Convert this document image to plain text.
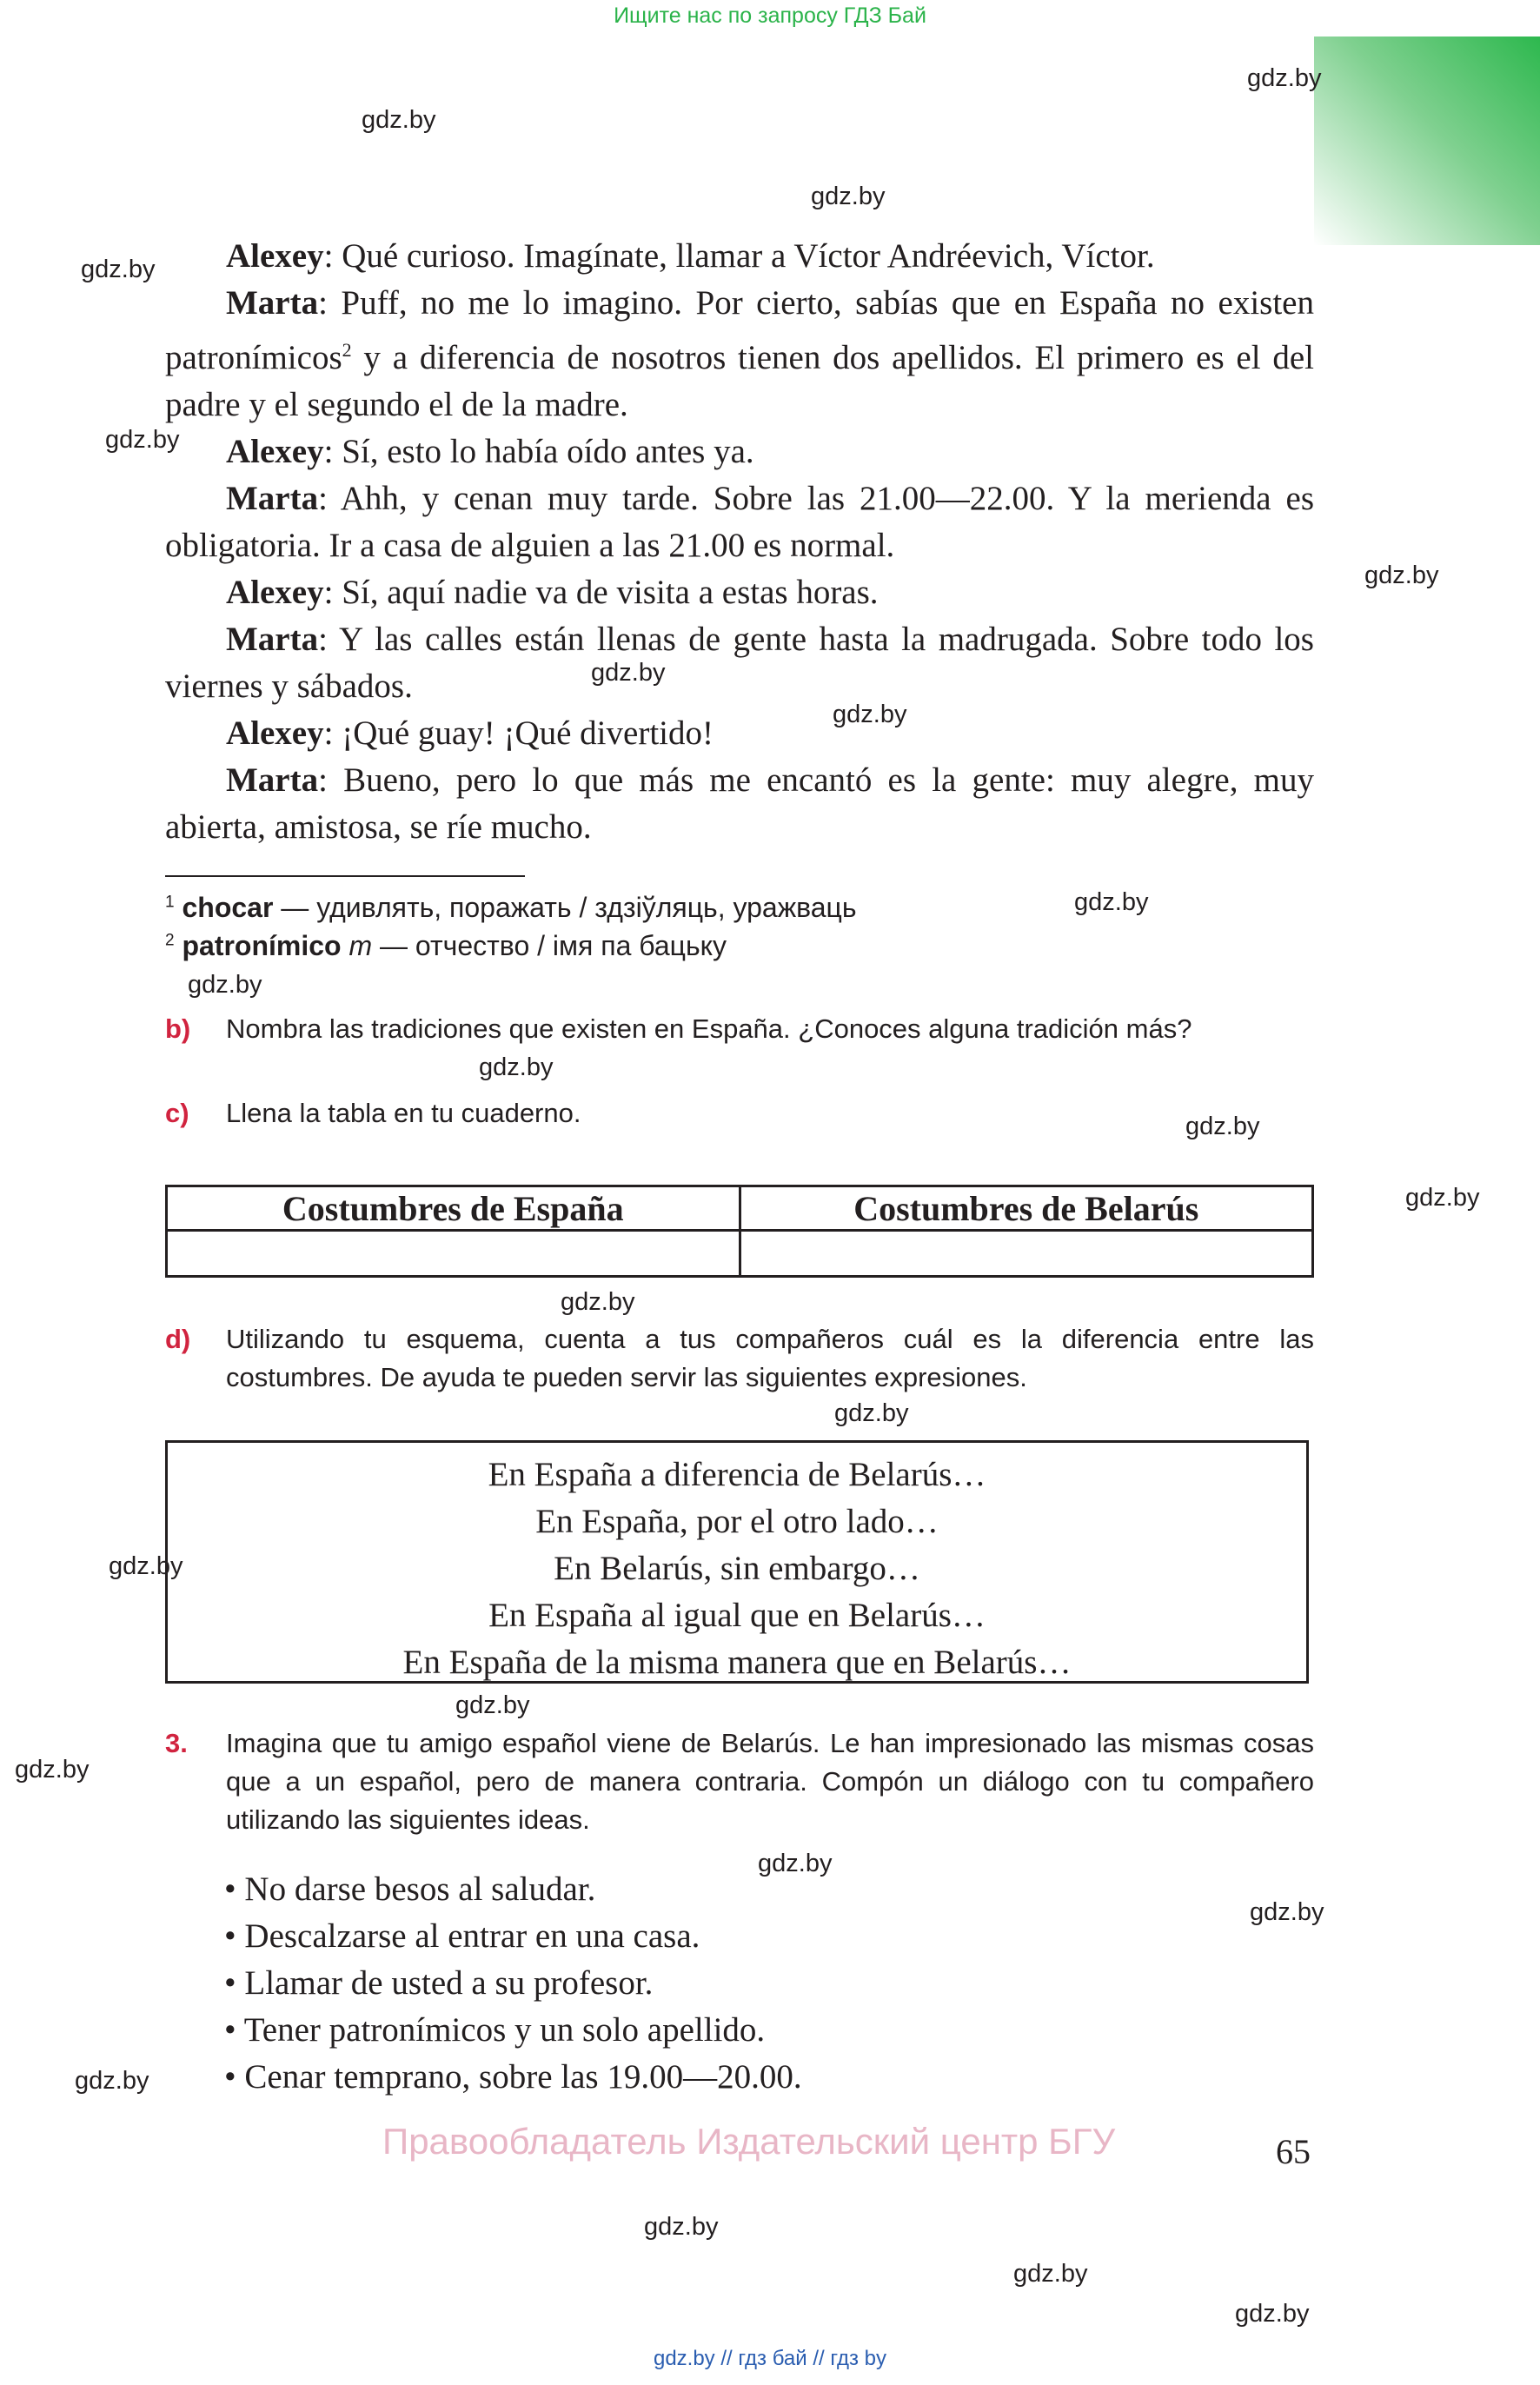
Ищите нас по запросу ГДЗ Бай
gdz.by
gdz.by
gdz.by
gdz.by
gdz.by
gdz.by
gdz.by
gdz.by
gdz.by
gdz.by
gdz.by
gdz.by
gdz.by
gdz.by
gdz.by
gdz.by
gdz.by
gdz.by
gdz.by
gdz.by
gdz.by
gdz.by
gdz.by
gdz.by

Alexey: Qué curioso. Imagínate, llamar a Víctor Andréevich, Víctor.

Marta: Puff, no me lo imagino. Por cierto, sabías que en España no existen patronímicos$^2$ y a diferencia de nosotros tienen dos apellidos. El primero es el del padre y el segundo el de la madre.

Alexey: Sí, esto lo había oído antes ya.

Marta: Ahh, y cenan muy tarde. Sobre las 21.00—22.00. Y la merienda es obligatoria. Ir a casa de alguien a las 21.00 es normal.

Alexey: Sí, aquí nadie va de visita a estas horas.

Marta: Y las calles están llenas de gente hasta la madrugada. Sobre todo los viernes y sábados.

Alexey: ¡Qué guay! ¡Qué divertido!

Marta: Bueno, pero lo que más me encantó es la gente: muy alegre, muy abierta, amistosa, se ríe mucho.

$^1$ chocar — удивлять, поражать / здзіўляць, уражваць
$^2$ patronímico m — отчество / імя па бацьку
b) Nombra las tradiciones que existen en España. ¿Conoces alguna tradición más?
c) Llena la tabla en tu cuaderno.
Costumbres de España	Costumbres de Belarús

d) Utilizando tu esquema, cuenta a tus compañeros cuál es la diferencia entre las costumbres. De ayuda te pueden servir las siguientes expresiones.
En España a diferencia de Belarús…
En España, por el otro lado…
En Belarús, sin embargo…
En España al igual que en Belarús…
En España de la misma manera que en Belarús…
3. Imagina que tu amigo español viene de Belarús. Le han impresionado las mismas cosas que a un español, pero de manera contraria. Compón un diálogo con tu compañero utilizando las siguientes ideas.
• No darse besos al saludar.
• Descalzarse al entrar en una casa.
• Llamar de usted a su profesor.
• Tener patronímicos y un solo apellido.
• Cenar temprano, sobre las 19.00—20.00.
Правообладатель Издательский центр БГУ	65
gdz.by // гдз бай // гдз by
